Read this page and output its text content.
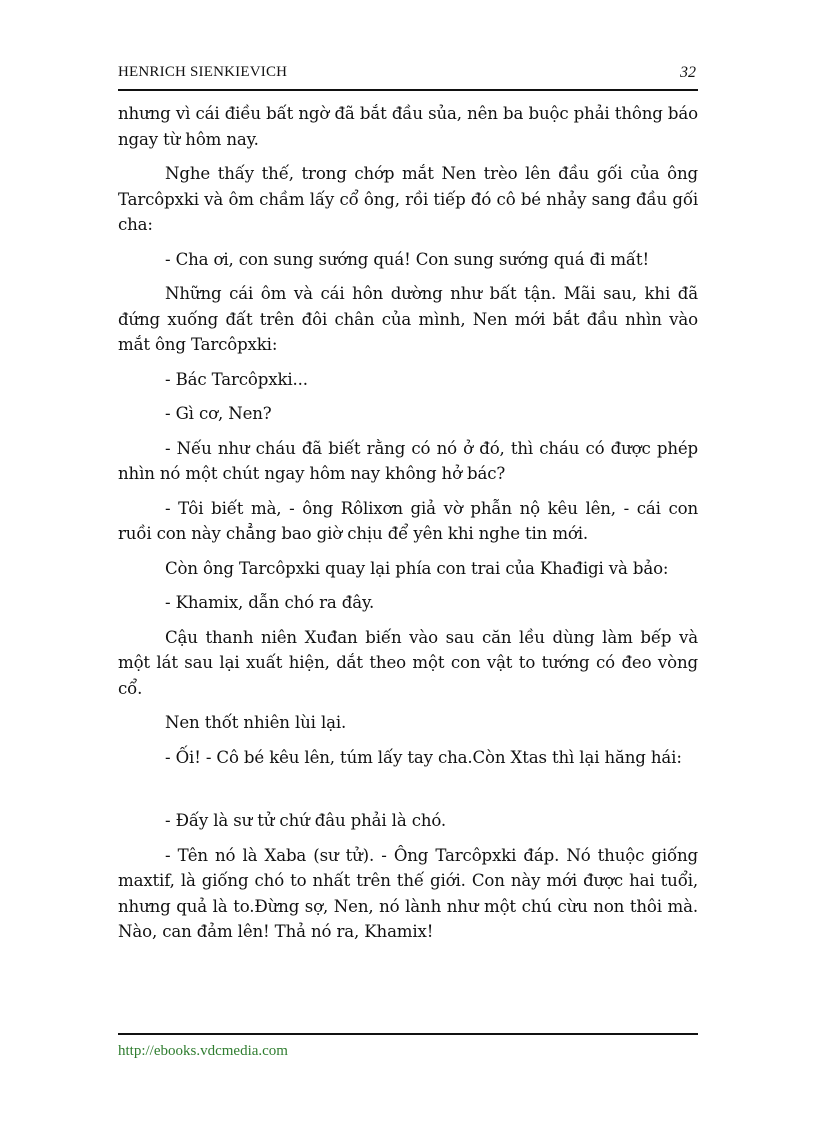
HENRICH SIENKIEVICH	32

nhưng vì cái điều bất ngờ đã bắt đầu sủa, nên ba buộc phải thông báo ngay từ hôm nay.

Nghe thấy thế, trong chớp mắt Nen trèo lên đầu gối của ông Tarcôpxki và ôm chầm lấy cổ ông, rồi tiếp đó cô bé nhảy sang đầu gối cha:

- Cha ơi, con sung sướng quá! Con sung sướng quá đi mất!

Những cái ôm và cái hôn dường như bất tận. Mãi sau, khi đã đứng xuống đất trên đôi chân của mình, Nen mới bắt đầu nhìn vào mắt ông Tarcôpxki:

- Bác Tarcôpxki...

- Gì cơ, Nen?

- Nếu như cháu đã biết rằng có nó ở đó, thì cháu có được phép nhìn nó một chút ngay hôm nay không hở bác?

- Tôi biết mà, - ông Rôlixơn giả vờ phẫn nộ kêu lên, - cái con ruồi con này chẳng bao giờ chịu để yên khi nghe tin mới.

Còn ông Tarcôpxki quay lại phía con trai của Khađigi và bảo:

- Khamix, dẫn chó ra đây.

Cậu thanh niên Xuđan biến vào sau căn lều dùng làm bếp và một lát sau lại xuất hiện, dắt theo một con vật to tướng có đeo vòng cổ.

Nen thốt nhiên lùi lại.

- Ối! - Cô bé kêu lên, túm lấy tay cha.Còn Xtas thì lại hăng hái:

- Đấy là sư tử chứ đâu phải là chó.

- Tên nó là Xaba (sư tử). - Ông Tarcôpxki đáp. Nó thuộc giống maxtif, là giống chó to nhất trên thế giới. Con này mới được hai tuổi, nhưng quả là to.Đừng sợ, Nen, nó lành như một chú cừu non thôi mà. Nào, can đảm lên! Thả nó ra, Khamix!

http://ebooks.vdcmedia.com
